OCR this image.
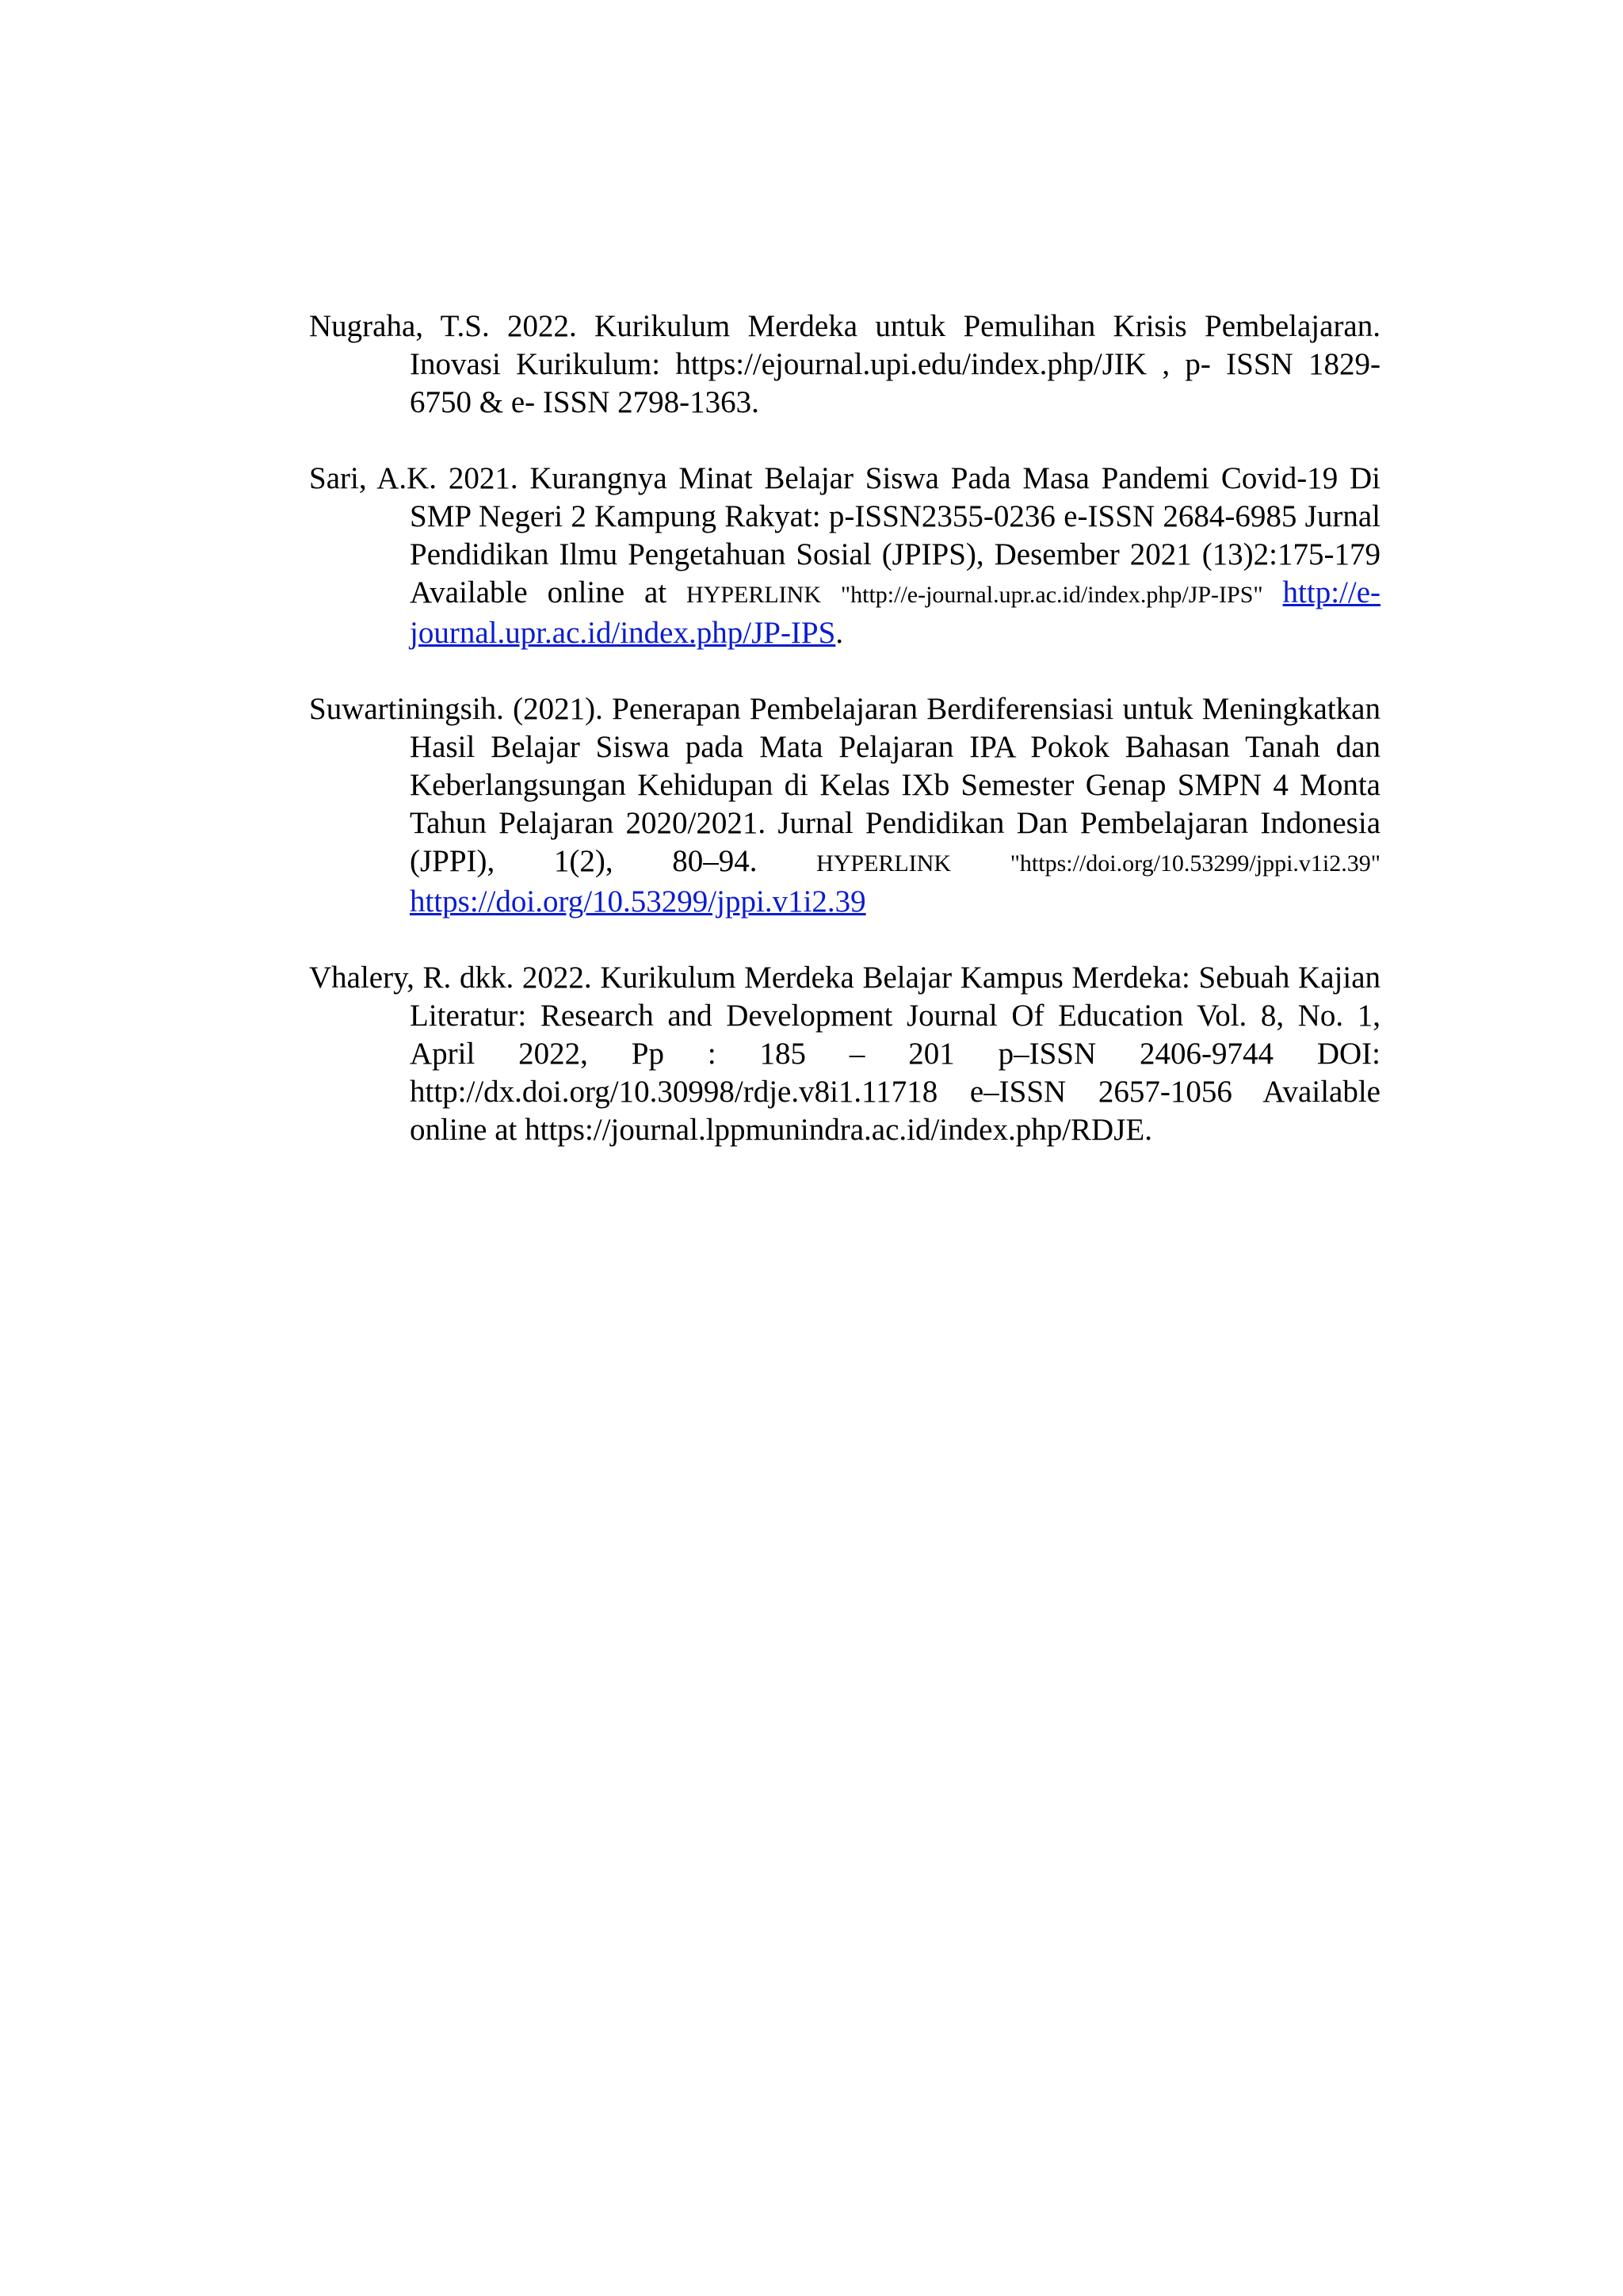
Nugraha, T.S. 2022. Kurikulum Merdeka untuk Pemulihan Krisis Pembelajaran. Inovasi Kurikulum: https://ejournal.upi.edu/index.php/JIK , p- ISSN 1829-6750 & e- ISSN 2798-1363.

Sari, A.K. 2021. Kurangnya Minat Belajar Siswa Pada Masa Pandemi Covid-19 Di SMP Negeri 2 Kampung Rakyat: p-ISSN2355-0236 e-ISSN 2684-6985 Jurnal Pendidikan Ilmu Pengetahuan Sosial (JPIPS), Desember 2021 (13)2:175-179 Available online at HYPERLINK "http://e-journal.upr.ac.id/index.php/JP-IPS" http://e-journal.upr.ac.id/index.php/JP-IPS.

Suwartiningsih. (2021). Penerapan Pembelajaran Berdiferensiasi untuk Meningkatkan Hasil Belajar Siswa pada Mata Pelajaran IPA Pokok Bahasan Tanah dan Keberlangsungan Kehidupan di Kelas IXb Semester Genap SMPN 4 Monta Tahun Pelajaran 2020/2021. Jurnal Pendidikan Dan Pembelajaran Indonesia (JPPI), 1(2), 80–94. HYPERLINK "https://doi.org/10.53299/jppi.v1i2.39" https://doi.org/10.53299/jppi.v1i2.39

Vhalery, R. dkk. 2022. Kurikulum Merdeka Belajar Kampus Merdeka: Sebuah Kajian Literatur: Research and Development Journal Of Education Vol. 8, No. 1, April 2022, Pp : 185 – 201 p–ISSN 2406-9744 DOI: http://dx.doi.org/10.30998/rdje.v8i1.11718 e–ISSN 2657-1056 Available online at https://journal.lppmunindra.ac.id/index.php/RDJE.
